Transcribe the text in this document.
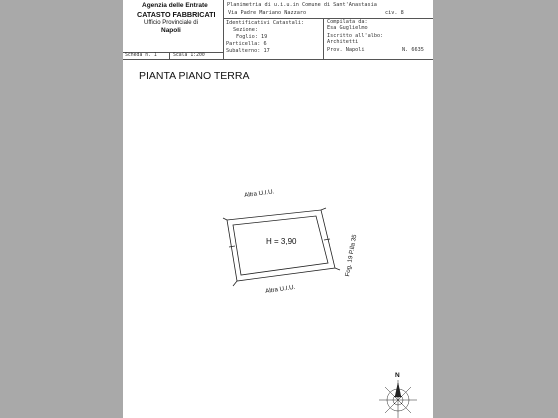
Agenzia delle Entrate
CATASTO FABBRICATI
Ufficio Provinciale di
Napoli
Planimetria di u.i.u.in Comune di Sant'Anastasia
Via Padre Mariano Nazzaro	civ. 8
Identificativi Catastali:
Sezione:
Foglio: 19
Particella: 6
Subalterno: 17
Compilata da:
Esa Guglielmo
Iscritto all'albo:
Architetti
Prov. Napoli	N. 6635
Scheda n. 1	Scala 1:200
PIANTA PIANO TERRA
H = 3,90
Altra U.I.U.
Altra U.I.U.
Fog. 19 P.lla 35
N
